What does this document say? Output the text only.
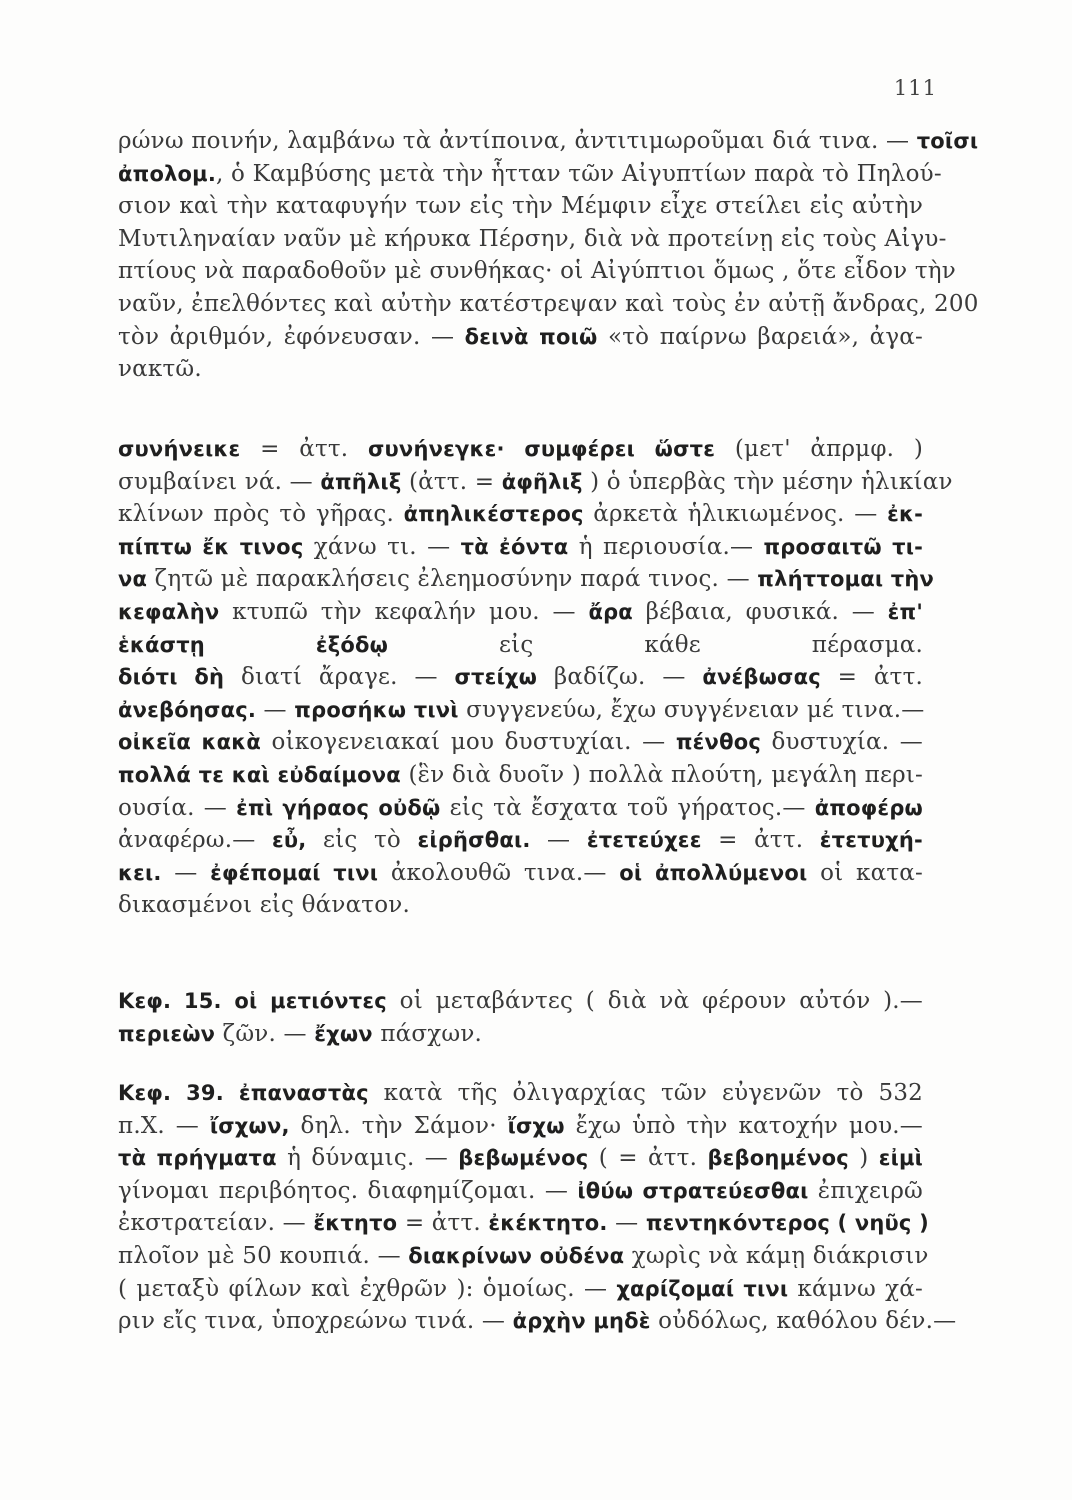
111
ρώνω ποινήν, λαμβάνω τὰ ἀντίποινα, ἀντιτιμωροῦμαι διά τινα. — τοῖσι
ἀπολομ., ὁ Καμβύσης μετὰ τὴν ἧτταν τῶν Αἰγυπτίων παρὰ τὸ Πηλού-
σιον καὶ τὴν καταφυγήν των εἰς τὴν Μέμφιν εἶχε στείλει εἰς αὐτὴν
Μυτιληναίαν ναῦν μὲ κήρυκα Πέρσην, διὰ νὰ προτείνῃ εἰς τοὺς Αἰγυ-
πτίους νὰ παραδοθοῦν μὲ συνθήκας· οἱ Αἰγύπτιοι ὅμως , ὅτε εἶδον τὴν
ναῦν, ἐπελθόντες καὶ αὐτὴν κατέστρεψαν καὶ τοὺς ἐν αὐτῇ ἄνδρας, 200
τὸν ἀριθμόν, ἐφόνευσαν. — δεινὰ ποιῶ «τὸ παίρνω βαρειά», ἀγα-
νακτῶ.
συνήνεικε = ἀττ. συνήνεγκε· συμφέρει ὥστε (μετ' ἀπρμφ. )
συμβαίνει νά. — ἀπῆλιξ (ἀττ. = ἀφῆλιξ ) ὁ ὑπερβὰς τὴν μέσην ἡλικίαν
κλίνων πρὸς τὸ γῆρας. ἀπηλικέστερος ἀρκετὰ ἡλικιωμένος. — ἐκ-
πίπτω ἔκ τινος χάνω τι. — τὰ ἐόντα ἡ περιουσία.— προσαιτῶ τι-
να ζητῶ μὲ παρακλήσεις ἐλεημοσύνην παρά τινος. — πλήττομαι τὴν
κεφαλὴν κτυπῶ τὴν κεφαλήν μου. — ἄρα βέβαια, φυσικά. — ἐπ'
ἑκάστῃ ἐξόδῳ εἰς κάθε πέρασμα.
διότι δὴ διατί ἄραγε. — στείχω βαδίζω. — ἀνέβωσας = ἀττ.
ἀνεβόησας. — προσήκω τινὶ συγγενεύω, ἔχω συγγένειαν μέ τινα.—
οἰκεῖα κακὰ οἰκογενειακαί μου δυστυχίαι. — πένθος δυστυχία. —
πολλά τε καὶ εὐδαίμονα (ἓν διὰ δυοῖν ) πολλὰ πλούτη, μεγάλη περι-
ουσία. — ἐπὶ γήραος οὐδῷ εἰς τὰ ἔσχατα τοῦ γήρατος.— ἀποφέρω
ἀναφέρω.— εὖ, εἰς τὸ εἰρῆσθαι. — ἐτετεύχεε = ἀττ. ἐτετυχή-
κει. — ἐφέπομαί τινι ἀκολουθῶ τινα.— οἱ ἀπολλύμενοι οἱ κατα-
δικασμένοι εἰς θάνατον.
Κεφ. 15. οἱ μετιόντες οἱ μεταβάντες ( διὰ νὰ φέρουν αὐτόν ).—
περιεὼν ζῶν. — ἔχων πάσχων.
Κεφ. 39. ἐπαναστὰς κατὰ τῆς ὀλιγαρχίας τῶν εὐγενῶν τὸ 532
π.Χ. — ἴσχων, δηλ. τὴν Σάμον· ἴσχω ἔχω ὑπὸ τὴν κατοχήν μου.—
τὰ πρήγματα ἡ δύναμις. — βεβωμένος ( = ἀττ. βεβοημένος ) εἰμὶ
γίνομαι περιβόητος. διαφημίζομαι. — ἰθύω στρατεύεσθαι ἐπιχειρῶ
ἐκστρατείαν. — ἔκτητο = ἀττ. ἐκέκτητο. — πεντηκόντερος ( νηῦς )
πλοῖον μὲ 50 κουπιά. — διακρίνων οὐδένα χωρὶς νὰ κάμῃ διάκρισιν
( μεταξὺ φίλων καὶ ἐχθρῶν ): ὁμοίως. — χαρίζομαί τινι κάμνω χά-
ριν εἴς τινα, ὑποχρεώνω τινά. — ἀρχὴν μηδὲ οὐδόλως, καθόλου δέν.—
